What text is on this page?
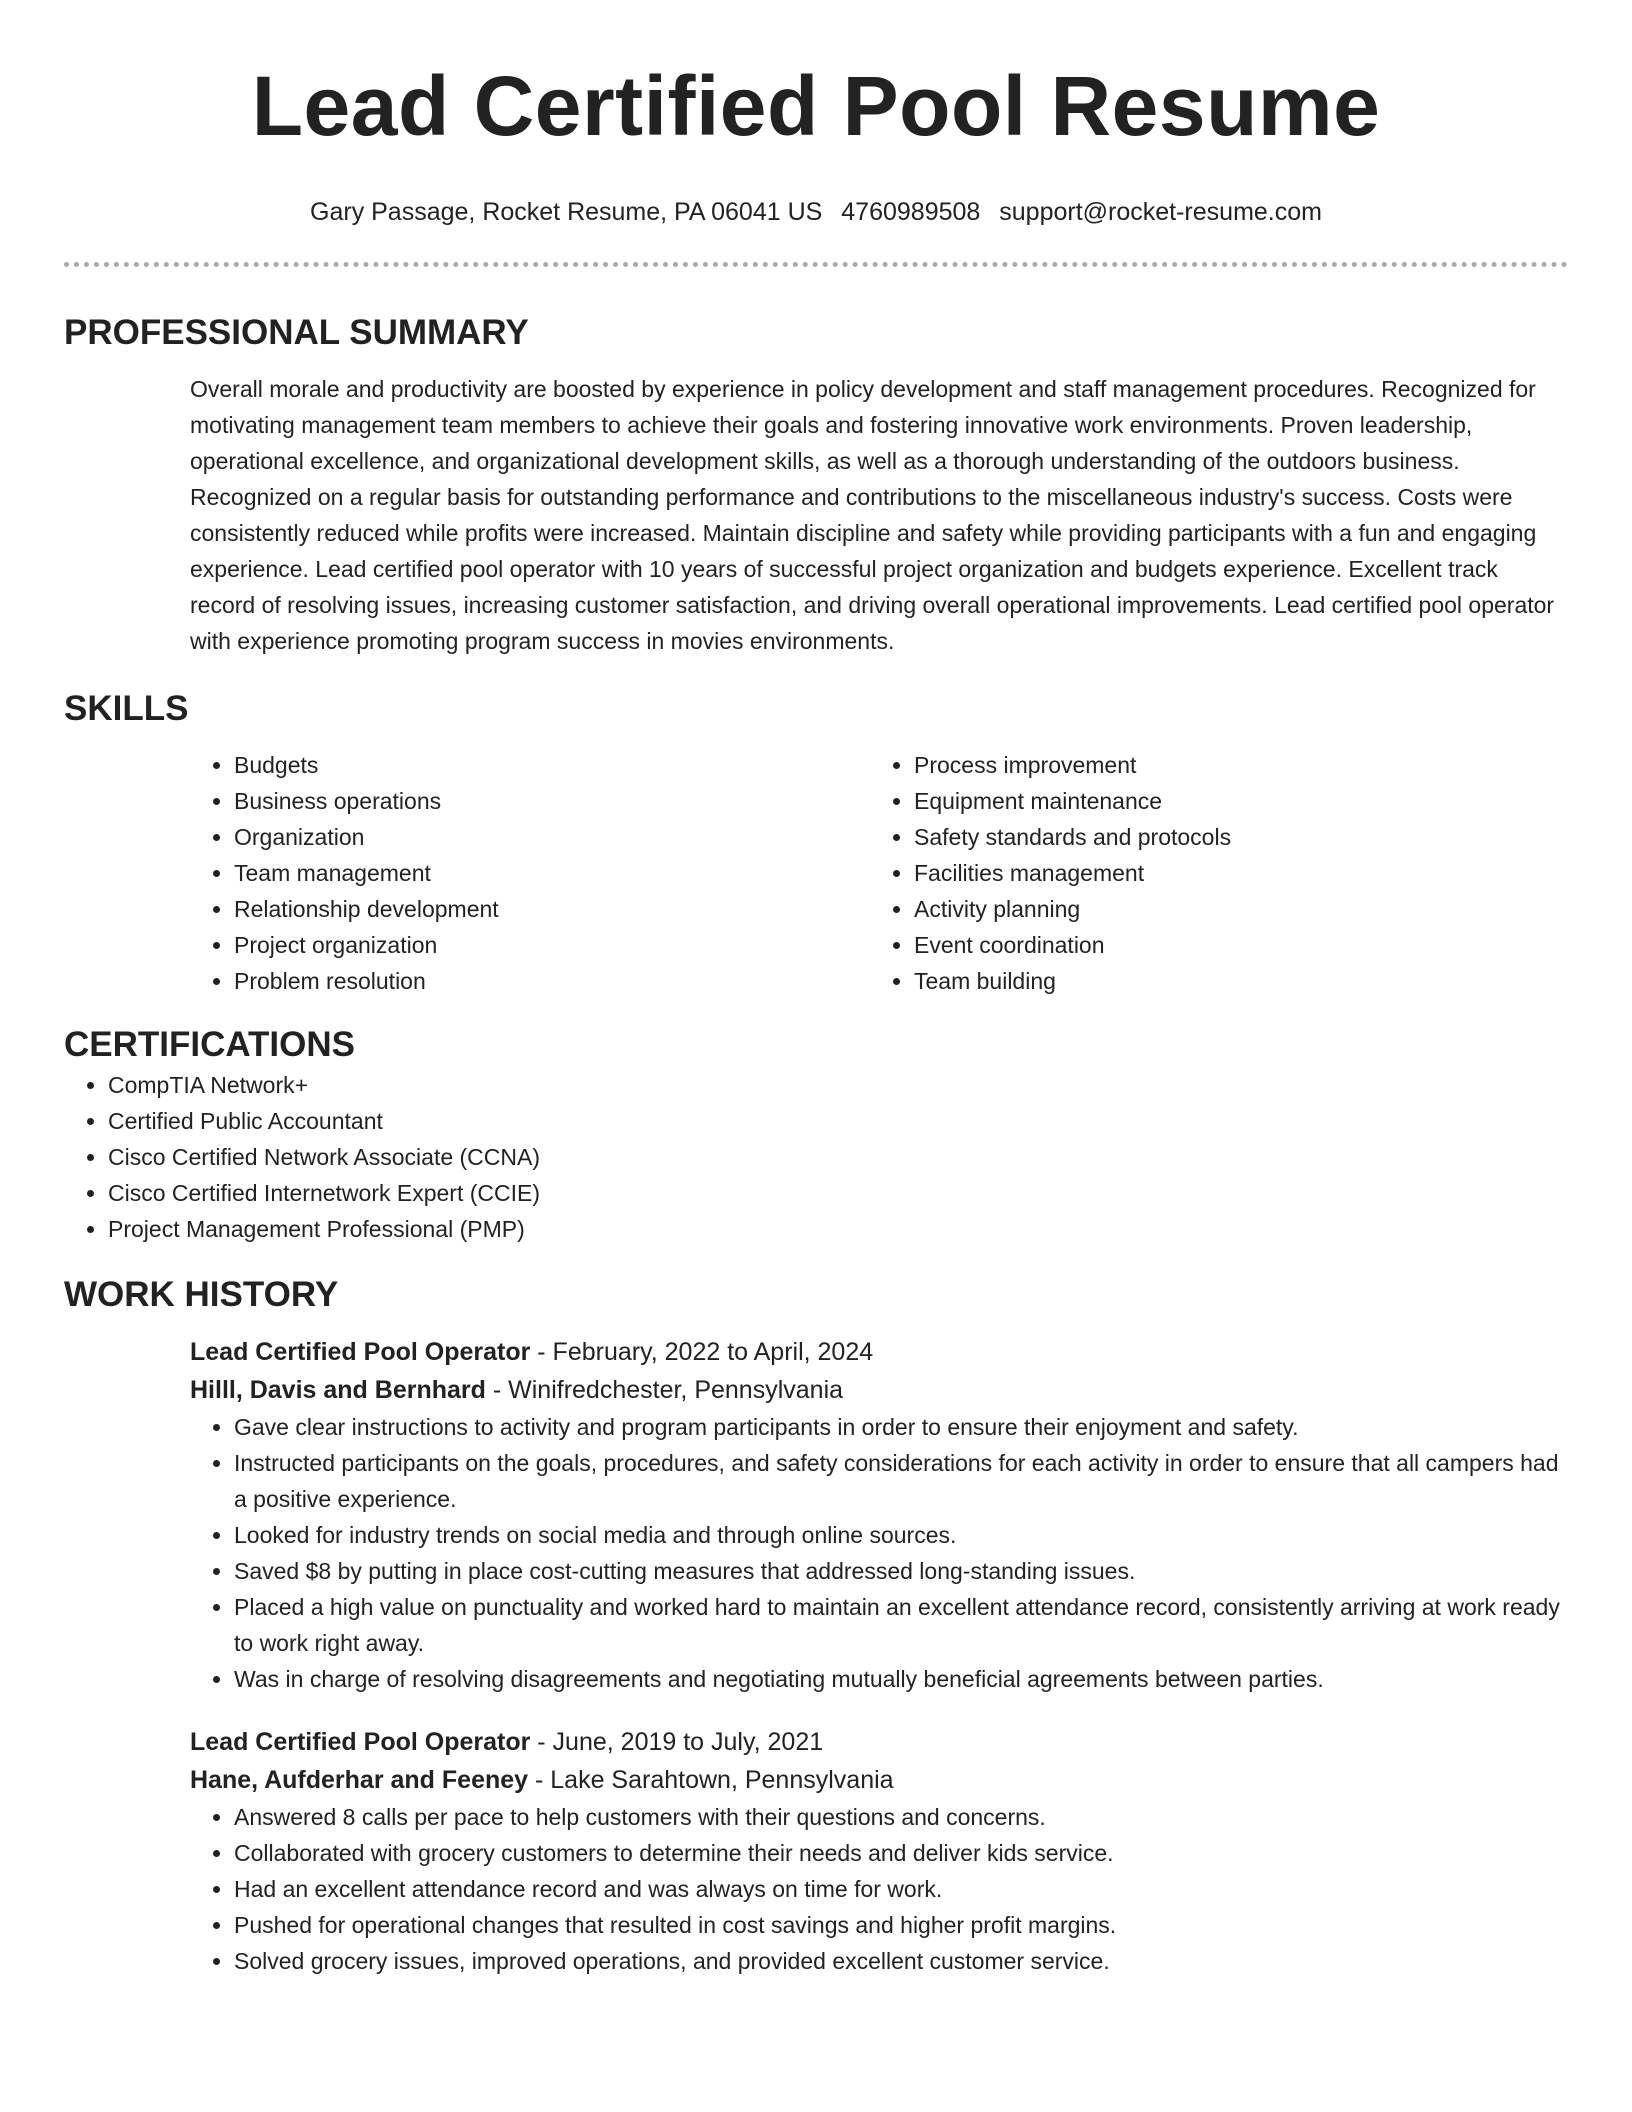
Lead Certified Pool Resume
Gary Passage, Rocket Resume, PA 06041 US 4760989508 support@rocket-resume.com
PROFESSIONAL SUMMARY
Overall morale and productivity are boosted by experience in policy development and staff management procedures. Recognized for motivating management team members to achieve their goals and fostering innovative work environments. Proven leadership, operational excellence, and organizational development skills, as well as a thorough understanding of the outdoors business. Recognized on a regular basis for outstanding performance and contributions to the miscellaneous industry's success. Costs were consistently reduced while profits were increased. Maintain discipline and safety while providing participants with a fun and engaging experience. Lead certified pool operator with 10 years of successful project organization and budgets experience. Excellent track record of resolving issues, increasing customer satisfaction, and driving overall operational improvements. Lead certified pool operator with experience promoting program success in movies environments.
SKILLS
• Budgets
• Business operations
• Organization
• Team management
• Relationship development
• Project organization
• Problem resolution
• Process improvement
• Equipment maintenance
• Safety standards and protocols
• Facilities management
• Activity planning
• Event coordination
• Team building
CERTIFICATIONS
• CompTIA Network+
• Certified Public Accountant
• Cisco Certified Network Associate (CCNA)
• Cisco Certified Internetwork Expert (CCIE)
• Project Management Professional (PMP)
WORK HISTORY
Lead Certified Pool Operator - February, 2022 to April, 2024
Hilll, Davis and Bernhard - Winifredchester, Pennsylvania
• Gave clear instructions to activity and program participants in order to ensure their enjoyment and safety.
• Instructed participants on the goals, procedures, and safety considerations for each activity in order to ensure that all campers had a positive experience.
• Looked for industry trends on social media and through online sources.
• Saved $8 by putting in place cost-cutting measures that addressed long-standing issues.
• Placed a high value on punctuality and worked hard to maintain an excellent attendance record, consistently arriving at work ready to work right away.
• Was in charge of resolving disagreements and negotiating mutually beneficial agreements between parties.
Lead Certified Pool Operator - June, 2019 to July, 2021
Hane, Aufderhar and Feeney - Lake Sarahtown, Pennsylvania
• Answered 8 calls per pace to help customers with their questions and concerns.
• Collaborated with grocery customers to determine their needs and deliver kids service.
• Had an excellent attendance record and was always on time for work.
• Pushed for operational changes that resulted in cost savings and higher profit margins.
• Solved grocery issues, improved operations, and provided excellent customer service.
